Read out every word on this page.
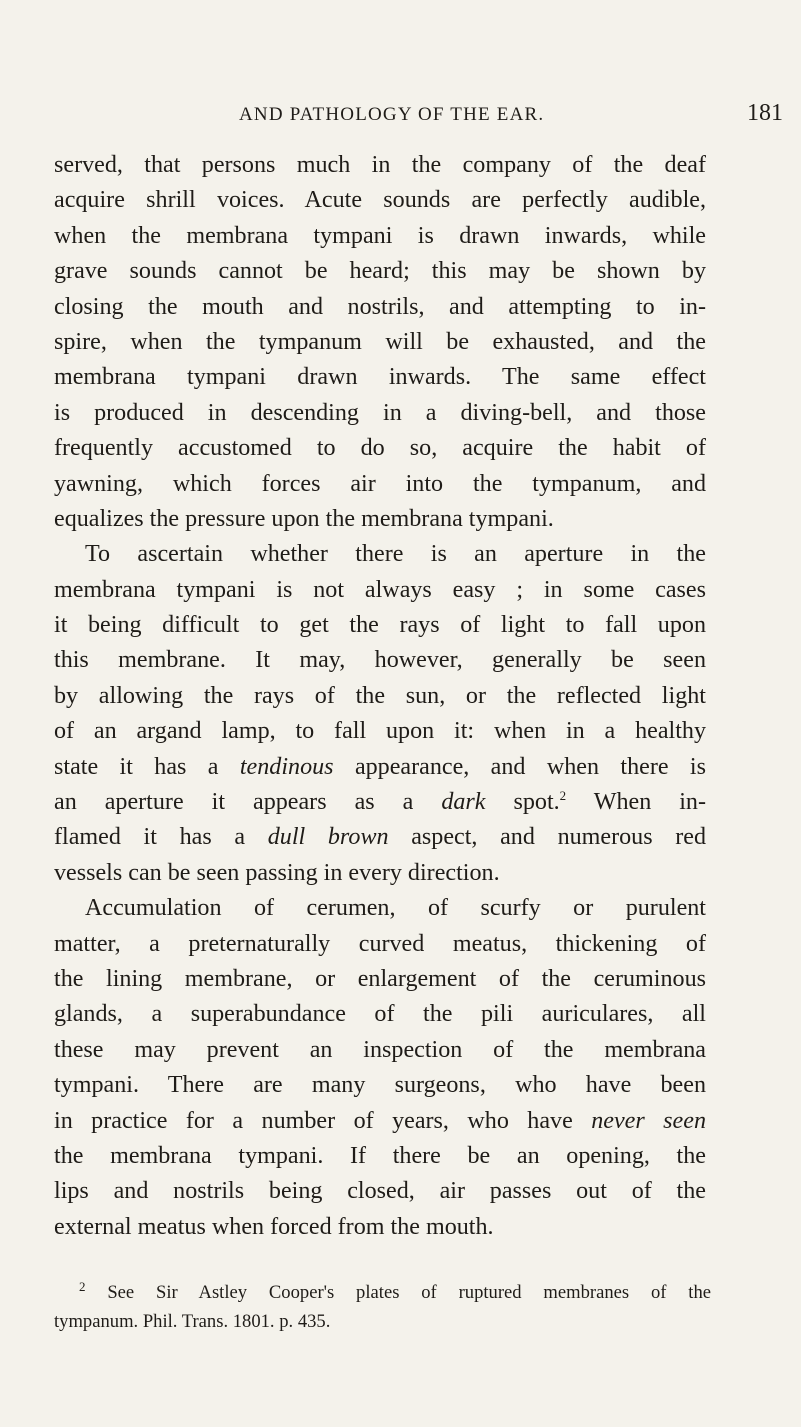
AND PATHOLOGY OF THE EAR.	181
served, that persons much in the company of the deaf
acquire shrill voices. Acute sounds are perfectly audible,
when the membrana tympani is drawn inwards, while
grave sounds cannot be heard; this may be shown by
closing the mouth and nostrils, and attempting to in-
spire, when the tympanum will be exhausted, and the
membrana tympani drawn inwards. The same effect
is produced in descending in a diving-bell, and those
frequently accustomed to do so, acquire the habit of
yawning, which forces air into the tympanum, and
equalizes the pressure upon the membrana tympani.
To ascertain whether there is an aperture in the
membrana tympani is not always easy ; in some cases
it being difficult to get the rays of light to fall upon
this membrane. It may, however, generally be seen
by allowing the rays of the sun, or the reflected light
of an argand lamp, to fall upon it: when in a healthy
state it has a tendinous appearance, and when there is
an aperture it appears as a dark spot.$^2$ When in-
flamed it has a dull brown aspect, and numerous red
vessels can be seen passing in every direction.
Accumulation of cerumen, of scurfy or purulent
matter, a preternaturally curved meatus, thickening of
the lining membrane, or enlargement of the ceruminous
glands, a superabundance of the pili auriculares, all
these may prevent an inspection of the membrana
tympani. There are many surgeons, who have been
in practice for a number of years, who have never seen
the membrana tympani. If there be an opening, the
lips and nostrils being closed, air passes out of the
external meatus when forced from the mouth.
$^2$ See Sir Astley Cooper's plates of ruptured membranes of the
tympanum. Phil. Trans. 1801. p. 435.
